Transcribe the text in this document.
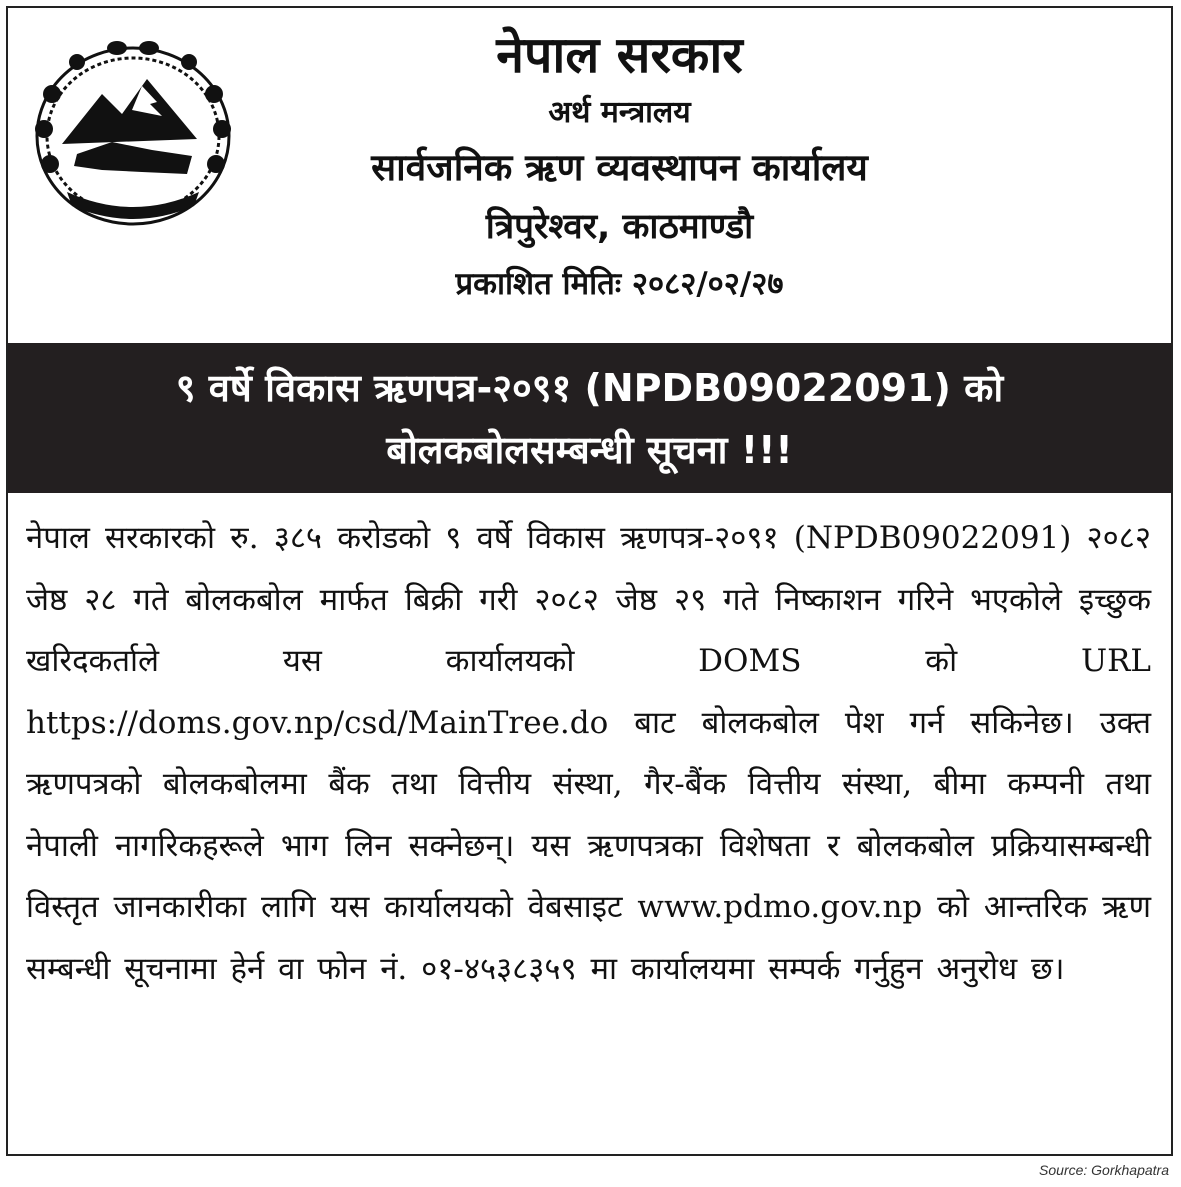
नेपाल सरकार
अर्थ मन्त्रालय
सार्वजनिक ऋण व्यवस्थापन कार्यालय
त्रिपुरेश्वर, काठमाण्डौ
प्रकाशित मितिः २०८२/०२/२७
९ वर्षे विकास ऋणपत्र-२०९१ (NPDB09022091) को
बोलकबोलसम्बन्धी सूचना !!!
नेपाल सरकारको रु. ३८५ करोडको ९ वर्षे विकास ऋणपत्र-२०९१ (NPDB09022091) २०८२ जेष्ठ २८ गते बोलकबोल मार्फत बिक्री गरी २०८२ जेष्ठ २९ गते निष्काशन गरिने भएकोले इच्छुक खरिदकर्ताले यस कार्यालयको DOMS को URL https://doms.gov.np/csd/MainTree.do बाट बोलकबोल पेश गर्न सकिनेछ। उक्त ऋणपत्रको बोलकबोलमा बैंक तथा वित्तीय संस्था, गैर-बैंक वित्तीय संस्था, बीमा कम्पनी तथा नेपाली नागरिकहरूले भाग लिन सक्नेछन्। यस ऋणपत्रका विशेषता र बोलकबोल प्रक्रियासम्बन्धी विस्तृत जानकारीका लागि यस कार्यालयको वेबसाइट www.pdmo.gov.np को आन्तरिक ऋण सम्बन्धी सूचनामा हेर्न वा फोन नं. ०१-४५३८३५९ मा कार्यालयमा सम्पर्क गर्नुहुन अनुरोध छ।
Source: Gorkhapatra
